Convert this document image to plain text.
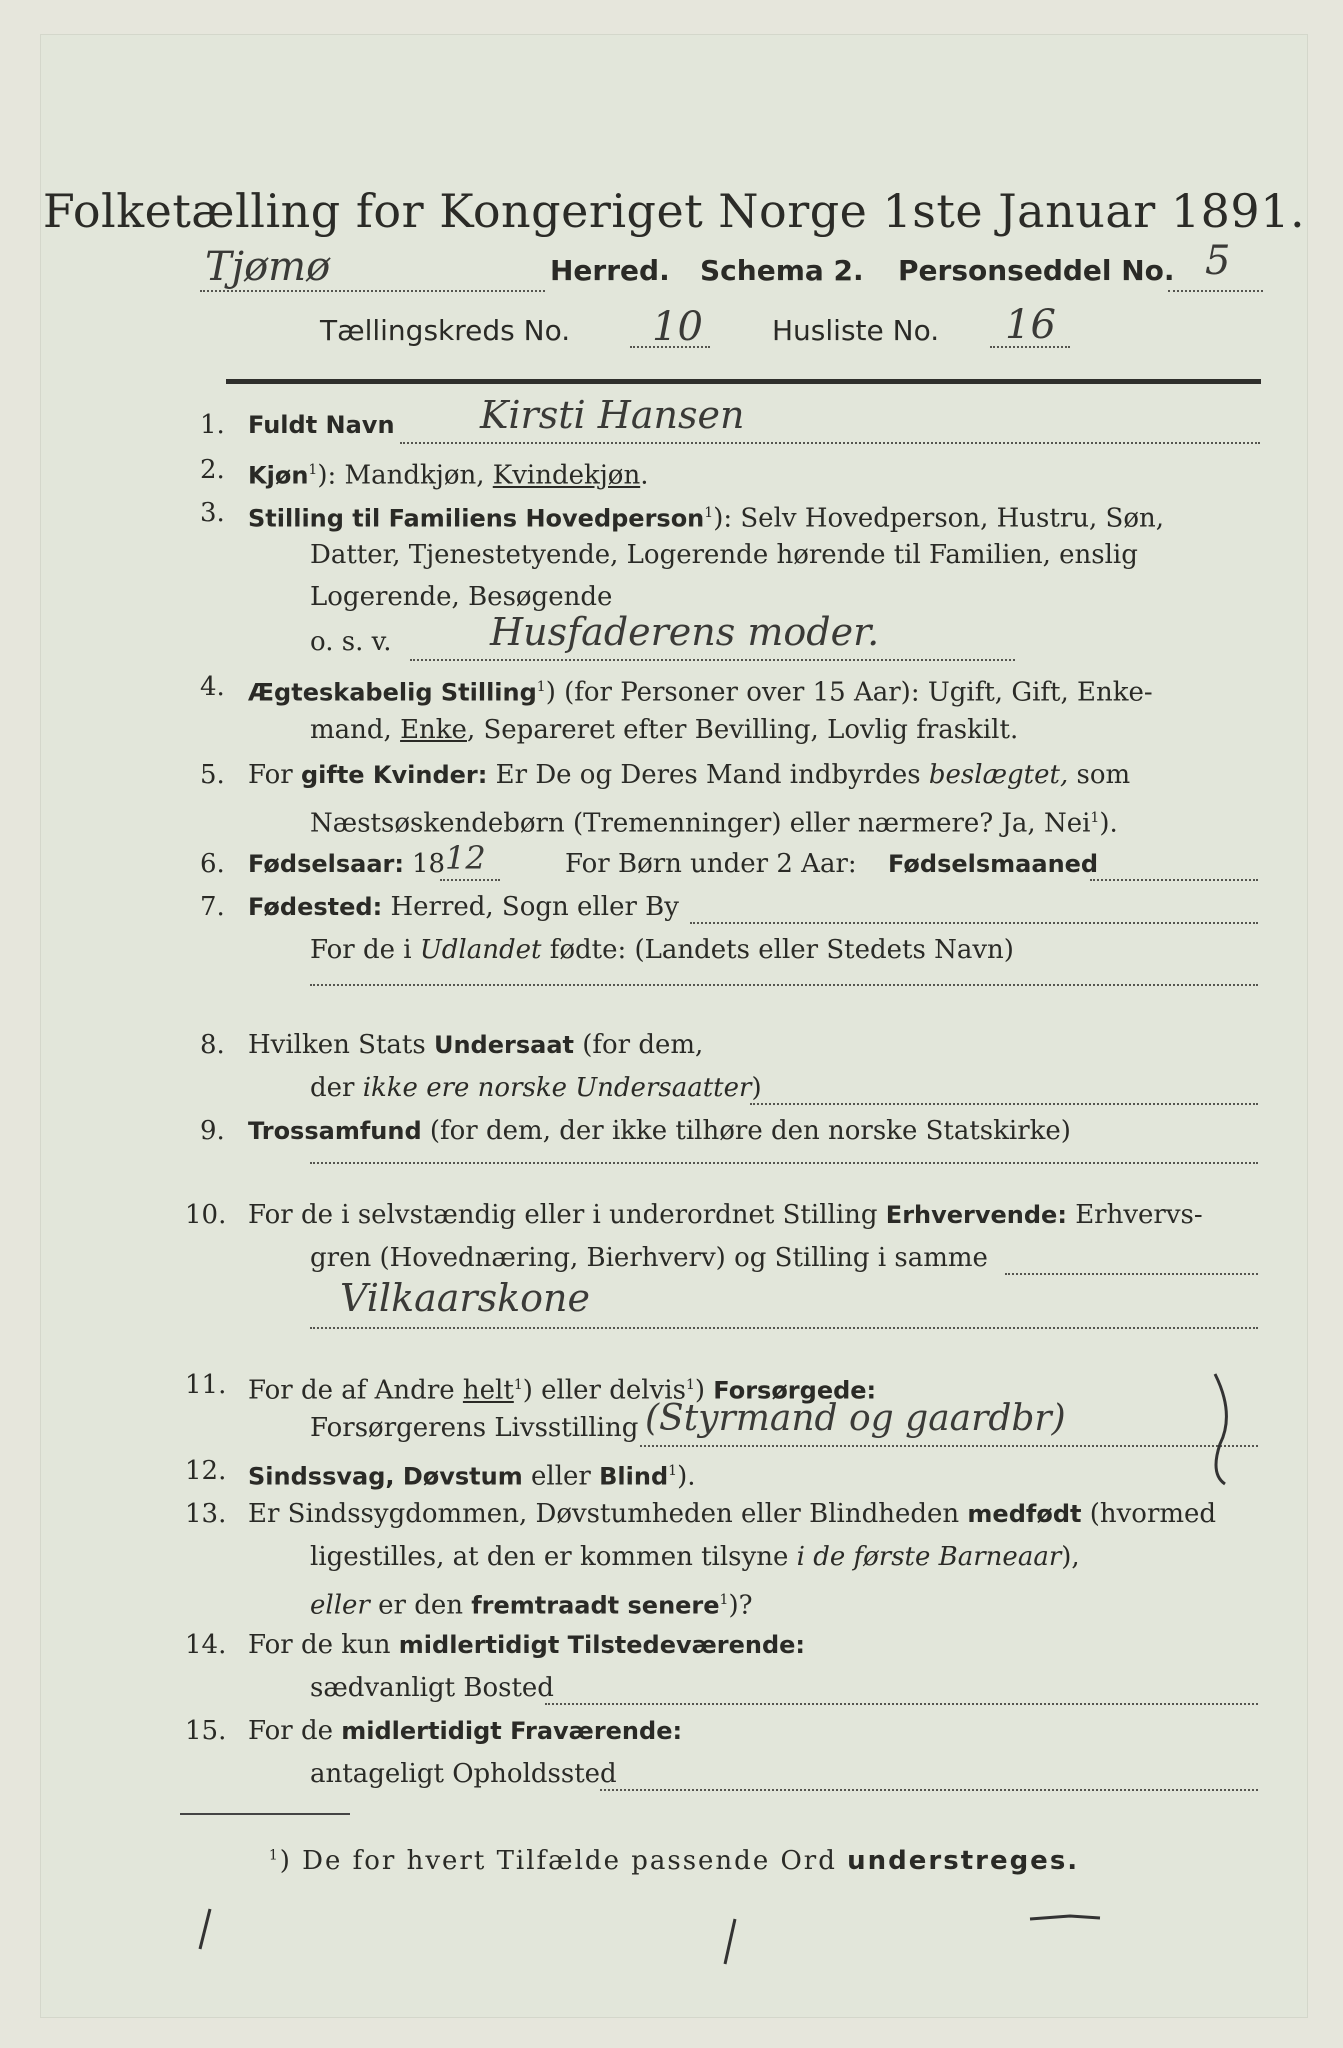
Folketælling for Kongeriget Norge 1ste Januar 1891.
Tjømø	Herred. Schema 2. Personseddel No. 5
Tællingskreds No. 10 Husliste No. 16
1. Fuldt Navn	Kirsti Hansen
2. Kjøn$^1$): Mandkjøn, Kvindekjøn.
3. Stilling til Familiens Hovedperson$^1$): Selv Hovedperson, Hustru, Søn,
Datter, Tjenestetyende, Logerende hørende til Familien, enslig
Logerende, Besøgende
o. s. v.	Husfaderens moder.
4. Ægteskabelig Stilling$^1$) (for Personer over 15 Aar): Ugift, Gift, Enke-
mand, Enke, Separeret efter Bevilling, Lovlig fraskilt.
5. For gifte Kvinder: Er De og Deres Mand indbyrdes beslægtet, som
Næstsøskendebørn (Tremenninger) eller nærmere? Ja, Nei$^1$).
6. Fødselsaar: 18 12	For Børn under 2 Aar: Fødselsmaaned
7. Fødested: Herred, Sogn eller By
For de i Udlandet fødte: (Landets eller Stedets Navn)
8. Hvilken Stats Undersaat (for dem,
der ikke ere norske Undersaatter)
9. Trossamfund (for dem, der ikke tilhøre den norske Statskirke)
10. For de i selvstændig eller i underordnet Stilling Erhvervende: Erhvervs-
gren (Hovednæring, Bierhverv) og Stilling i samme
Vilkaarskone
11. For de af Andre helt$^1$) eller delvis$^1$) Forsørgede:
Forsørgerens Livsstilling (Styrmand og gaardbr)
12. Sindssvag, Døvstum eller Blind$^1$).
13. Er Sindssygdommen, Døvstumheden eller Blindheden medfødt (hvormed
ligestilles, at den er kommen tilsyne i de første Barneaar),
eller er den fremtraadt senere$^1$)?
14. For de kun midlertidigt Tilstedeværende:
sædvanligt Bosted
15. For de midlertidigt Fraværende:
antageligt Opholdssted
$^1$) De for hvert Tilfælde passende Ord understreges.
